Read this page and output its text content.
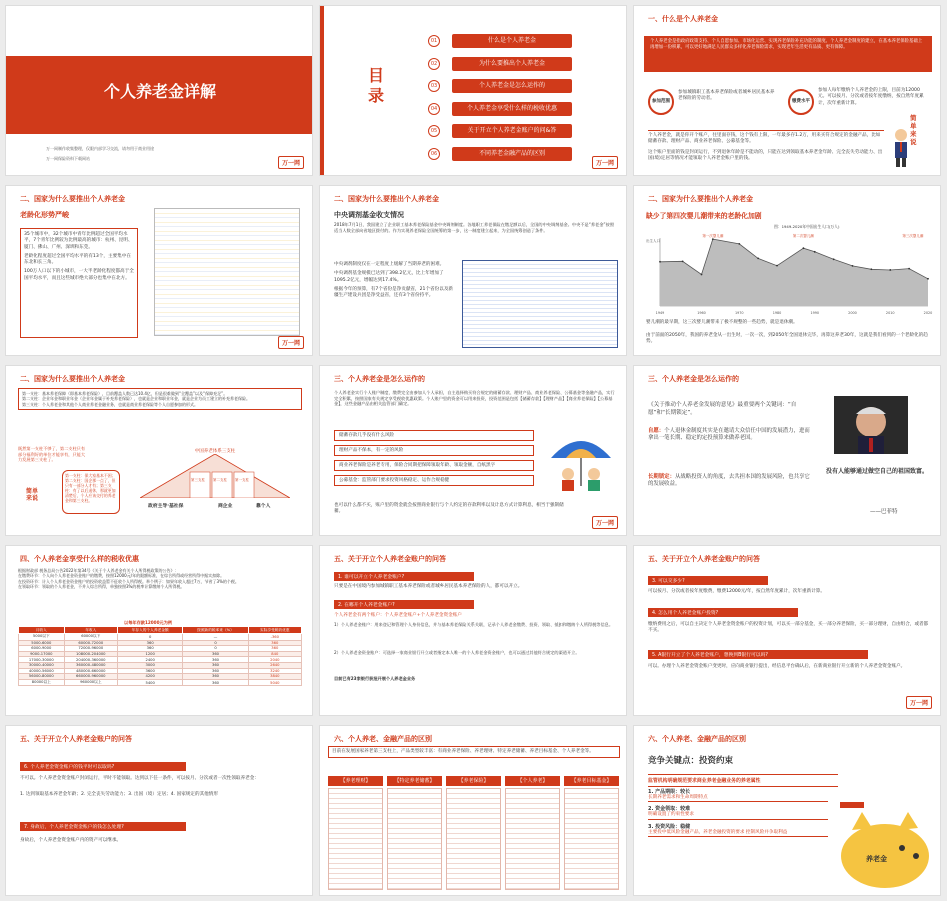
个人养老金详解
万一网制作收集整理，仅限内部学习交流，请勿用于商业用途
万一网保险资料下载网站
万一网
目录
01	什么是个人养老金
02	为什么要推出个人养老金
03	个人养老金是怎么运作的
04	个人养老金享受什么样的税收优惠
05	关于开立个人养老金账户的问&答
06	不同养老金融产品的区别
万一网
一、什么是个人养老金
个人养老金是指政府政策支持、个人自愿参加、市场化运营、实现养老保险补充功能的制度。个人养老金制度的建立，在基本养老保险基础上再增加一份积累，可以更好地满足人民群众多样化养老保险需求，实现老年生活更有品质、更有保障。
参加范围
参加城镇职工基本养老保险或者城乡居民基本养老保险的劳动者。
缴费水平
参加人每年缴纳个人养老金的上限，目前为12000元。可以按月、分次或者按年度缴纳，按自然年度累计，次年重新计算。
个人养老金，就是你开个账户，往里面存钱，这个钱有上限，一年最多存1.2万，用来买符合规定的金融产品，比如储蓄存款、理财产品、商业养老保险、公募基金等。
这个账户里面的钱是封闭运行，不到退休年龄是不能动的，只能在达到领取基本养老金年龄、完全丧失劳动能力、出国(境)定居等情况才能领取个人养老金账户里的钱。
简单来说
二、国家为什么要推出个人养老金
老龄化形势严峻
35个城市中，32个城市中青年比例超过全国平均水平，7个青年比例较为比例最高的城市：杭州、昆明、厦门、佛山、广州、深圳和东莞。
老龄化程度超过全国平均水平的有13个，主要集中在东北和长三角。
100万人口以下的小城市，一大半老龄化程度都高于全国平均水平，而且这些城市绝大部分也集中在北方。
万一网
二、国家为什么要推出个人养老金
中央调剂基金收支情况
2018年7月1日，我国建立了企业职工基本养老保险基金中央调剂制度。各地职工养老保险在缴足额以后，全国的中央调剂基金。中央不是“养老金”按照适当人数全部向省地区拨付的。作为实现养老保险全国统筹的第一步，这一制度建立起来，为全国统筹创造了条件。
中央调剂制度仅在一定程度上缓解了当期养老的困难。
中央调剂基金规模已达到了398.2亿元，比上年增加了1095.2亿元，增幅达到17.4%。
根据今年的预算，有7个省份是净贡献省，21个省份以及新疆生产建设兵团是净受益省，还有3个省份持平。
二、国家为什么要推出个人养老金
缺少了第四次婴儿潮带来的老龄化加剧
图：1949-2020年中国出生人口(万人)
出生人口
1949	1960	1970	1980	1990	2000	2010	2020
第一次婴儿潮	第二次婴儿潮	第三次婴儿潮
婴儿潮的最早期，这三次婴儿潮带来了极不规整的一些趋势，就是退休潮。
由于前面的2050年，我国的养老金从一出生时，一次一次，到2050年全国退休完毕，再算这养老30年，这就是我们看到的一个老龄化的趋势。
二、国家为什么要推出个人养老金
第一支柱：基本养老保障（即基本养老保险），目前覆盖人数已达10.4亿，但是很难做到“全覆盖”以及“保障充足”。
第二支柱：企业年金和职业年金（企业年金属于补充养老保险），也就是企业和职业年金，就是企业为员工建立的补充养老保险。
第三支柱：个人养老金和其他个人商业养老金融业务，也就是商业养老保险等个人自愿参加的形式。
既然第一支柱不够了，第二支柱只有部分福利好的单位才能享有，只能大力发展第三支柱了。
第一支柱：保大家基本不困；第二支柱：国企那一点了，但只有一部分人才有；第三支柱：有了以后退休，那就更加清楚后，个人应该交付的养老金和第三支柱。
简单来说
中国养老体系三支柱
第三支柱 第二支柱 第一支柱
政府主导·基社保	商企业	靠个人
三、个人养老金是怎么运作的
个人养老金实行个人账户制度，缴费完全由参加人个人承担，自主选择购买符合规定的储蓄存款、理财产品、商业养老保险、公募基金等金融产品，实行完全积累，按照国家有关规定享受税收优惠政策。个人账户里的资金可以用来投资，投资范围是包括【储蓄存款】【理财产品】【商业养老保险】【公募基金】，这些金融产品由相关监管部门确定。
储蓄存款几乎没有什么风险
理财产品不保本，有一定的风险
商业养老保险是养老专用，保险合同期把保障领取年龄、领取金额，自纸黑字
公募基金：监管部门要求投资风格稳定、运作合规稳健
也可以什么都不买，账户里的资金就会按照商业银行与个人约定的存款利率以及计息方式计算利息，相当于强制储蓄。
万一网
三、个人养老金是怎么运作的
《关于推动个人养老金发展的意见》最重要两个关键词：“自愿”和“长期锁定”。
自愿：个人退休金制度其实是在邀请大众信任中国的发展潜力，进而拿出一笔长期、稳定的定投预算来做养老国。
长期锁定：从战略投资人的角度，去共担本国的发展风险，也共享它的发展收益。
没有人能够通过做空自己的祖国致富。
——巴菲特
四、个人养老金享受什么样的税收优惠
根据财政部 税务总局公告2022年第34号《关于个人养老金有关个人所得税政策的公告》：
在缴费环节：个人向个人养老金资金账户的缴费，按照12000元/年的限额标准，在综合所得或经营所得中据实扣除。
在投资环节：计入个人养老金资金账户的投资收益暂不征收个人所得税。举个例子：如果年收入超过7万，节省了3%的个税。
在领取环节：领取的个人养老金，不并入综合所得，单独按照3%的税率计算缴纳个人所得税。
以每年存款12000元为例
月收入	年收入	年存入的个人养老金额	按照新的税率来（%）	实际享受税收优惠
5000以下	60000以下	0	—	-360
5000-6000	60000-72000	360	0	360
6000-9000	72000-96000	360	0	360
9000-17000	108000-204000	1200	360	840
17000-30000	204000-360000	2400	360	2040
30000-40000	360000-480000	3000	360	2640
40000-56000	480000-660000	3600	360	3240
56000-80000	660000-960000	4200	360	3840
80000以上	960000以上	5400	360	5040
五、关于开立个人养老金账户的问答
1. 谁可以开立个人养老金账户?
只要是在中国境内参加城镇职工基本养老保险或者城乡居民基本养老保险的人，都可以开立。
2. 在哪开个人养老金账户?
个人养老金有两个账户：个人养老金账户+个人养老金资金账户
1）个人养老金账户：用来登记和管理个人身份信息，并与基本养老保险关系关联，记录个人养老金缴费、投资、领取、抵扣和缴纳个人所得税等信息。
2）个人养老金资金账户：可选择一家商业银行开立或者指定本人唯一的个人养老金资金账户，也可以通过其他符合规定的渠道开立。
目前已有23家银行获批开展个人养老金业务
五、关于开立个人养老金账户的问答
3. 可以交多少?
可以按月、分次或者按年度缴费，缴费12000元/年，按自然年度累计，次年重新计算。
4. 怎么用个人养老金账户投资?
缴纳费用之后，可以自主决定个人养老金资金账户的投资计划，可以买一部分基金，买一部分养老保险，买一部分理财，自由组合，或者都不买。
5. A银行开立了个人养老金账户，想换到B银行可以吗?
可以。办理个人养老金资金账户变更时，应向商业银行提出，经信息平台确认后，在新商业银行开立新的个人养老金资金账户。
万一网
五、关于开立个人养老金账户的问答
6. 个人养老金资金账户的钱平时可以取吗?
不可以。个人养老金资金账户封闭运行，平时不能领取。达到以下任一条件，可以按月、分次或者一次性领取养老金：
1. 达到领取基本养老金年龄；2. 完全丧失劳动能力；3. 出国（境）定居；4. 国家规定的其他情形
7. 身故后，个人养老金资金账户的钱怎么处理?
身故后，个人养老金资金账户内的资产可以继承。
六、个人养老、金融产品的区别
目前在发展国家养老第三支柱上，产品类型较丰富：有商业养老保险、养老理财、特定养老储蓄、养老目标基金、个人养老金等。
【养老理财】	【特定养老储蓄】	【养老保险】	【个人养老】	【养老目标基金】
六、个人养老、金融产品的区别
竞争关键点：投资约束
监管机构明确规范要求商业养老金融业务的养老属性
1. 产品期限：较长
长期养老需求和生命周期特点
2. 资金领取：较难
明确设置了约束性要求
3. 投资风险：稳健
主要投中低风险金融产品，养老金融投资的要求 控制风险并争取利益
养老金
